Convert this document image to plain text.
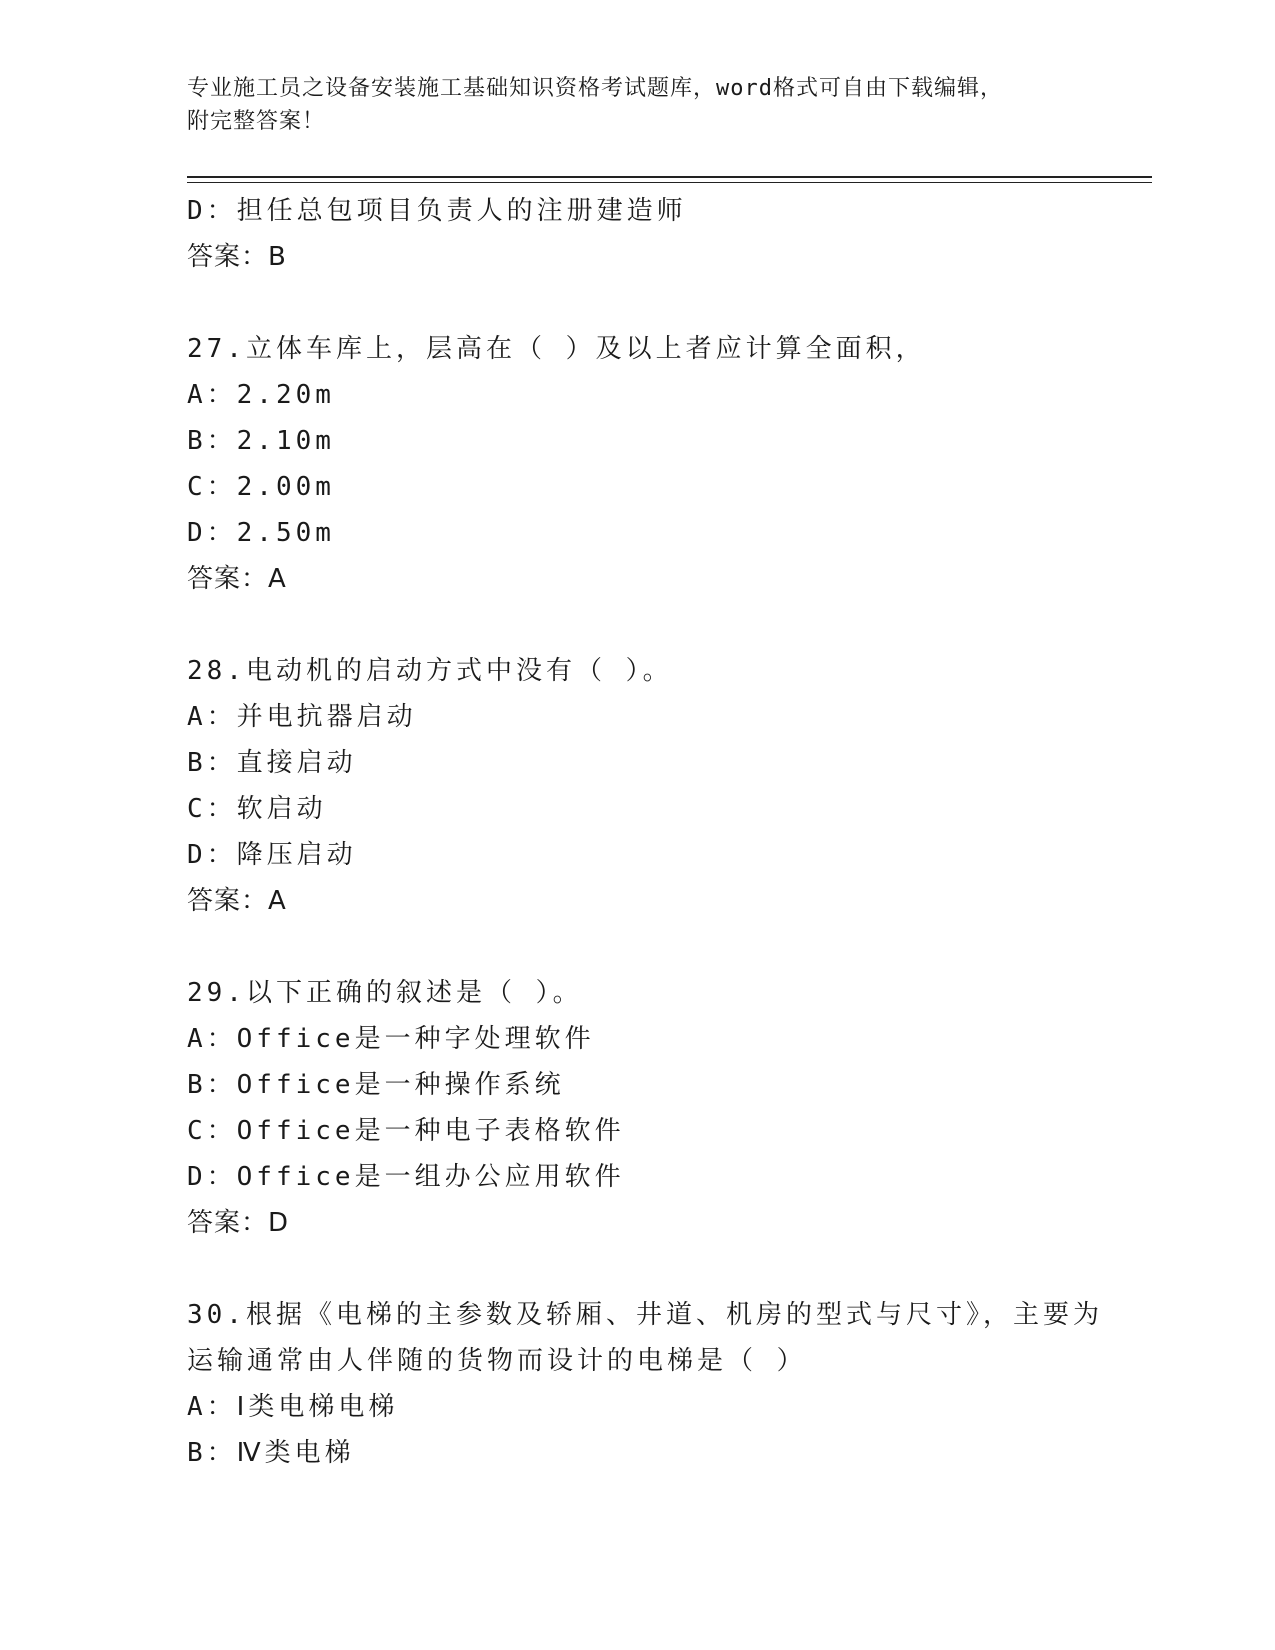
专业施工员之设备安装施工基础知识资格考试题库，word格式可自由下载编辑，
附完整答案！
D：担任总包项目负责人的注册建造师
答案：B
27.立体车库上，层高在（ ）及以上者应计算全面积，
A：2.20m
B：2.10m
C：2.00m
D：2.50m
答案：A
28.电动机的启动方式中没有（ ）。
A：并电抗器启动
B：直接启动
C：软启动
D：降压启动
答案：A
29.以下正确的叙述是（ ）。
A：Office是一种字处理软件
B：Office是一种操作系统
C：Office是一种电子表格软件
D：Office是一组办公应用软件
答案：D
30.根据《电梯的主参数及轿厢、井道、机房的型式与尺寸》，主要为
运输通常由人伴随的货物而设计的电梯是（ ）
A：Ⅰ类电梯电梯
B：Ⅳ类电梯
